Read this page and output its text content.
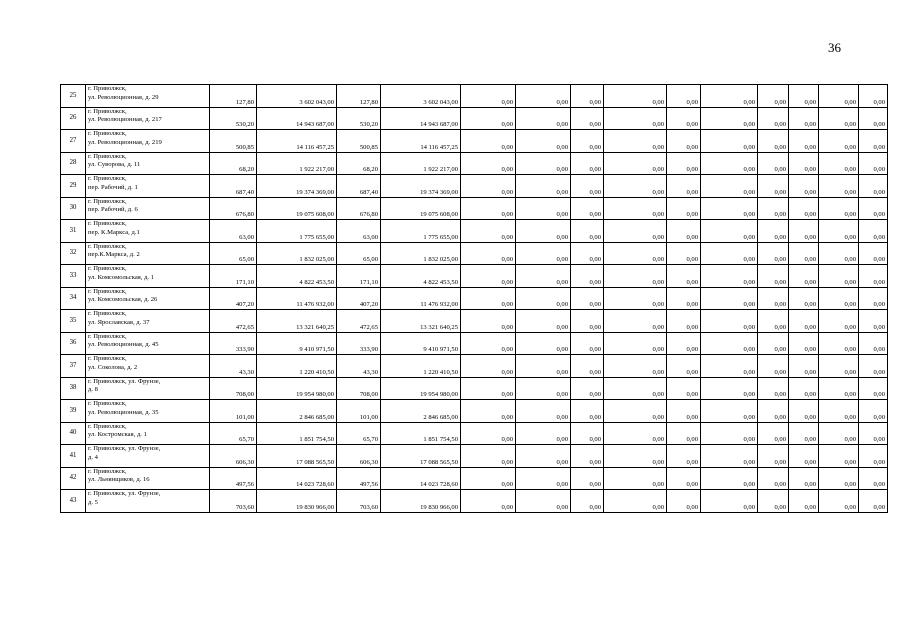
36
25	г. Приволжск,
ул. Революционная, д. 29	127,80	3 602 043,00	127,80	3 602 043,00	0,00	0,00	0,00	0,00	0,00	0,00	0,00	0,00	0,00	0,00
26	г. Приволжск,
ул. Революционная, д. 217	530,20	14 943 687,00	530,20	14 943 687,00	0,00	0,00	0,00	0,00	0,00	0,00	0,00	0,00	0,00	0,00
27	г. Приволжск,
ул. Революционная, д. 219	500,85	14 116 457,25	500,85	14 116 457,25	0,00	0,00	0,00	0,00	0,00	0,00	0,00	0,00	0,00	0,00
28	г. Приволжск,
ул. Суворова, д. 11	68,20	1 922 217,00	68,20	1 922 217,00	0,00	0,00	0,00	0,00	0,00	0,00	0,00	0,00	0,00	0,00
29	г. Приволжск,
пер. Рабочий, д. 1	687,40	19 374 369,00	687,40	19 374 369,00	0,00	0,00	0,00	0,00	0,00	0,00	0,00	0,00	0,00	0,00
30	г. Приволжск,
пер. Рабочий, д. 6	676,80	19 075 608,00	676,80	19 075 608,00	0,00	0,00	0,00	0,00	0,00	0,00	0,00	0,00	0,00	0,00
31	г. Приволжск,
пер. К.Маркса, д.1	63,00	1 775 655,00	63,00	1 775 655,00	0,00	0,00	0,00	0,00	0,00	0,00	0,00	0,00	0,00	0,00
32	г. Приволжск,
пер.К.Маркса, д. 2	65,00	1 832 025,00	65,00	1 832 025,00	0,00	0,00	0,00	0,00	0,00	0,00	0,00	0,00	0,00	0,00
33	г. Приволжск,
ул. Комсомольская, д. 1	171,10	4 822 453,50	171,10	4 822 453,50	0,00	0,00	0,00	0,00	0,00	0,00	0,00	0,00	0,00	0,00
34	г. Приволжск,
ул. Комсомольская, д. 26	407,20	11 476 932,00	407,20	11 476 932,00	0,00	0,00	0,00	0,00	0,00	0,00	0,00	0,00	0,00	0,00
35	г. Приволжск,
ул. Ярославская, д. 37	472,65	13 321 640,25	472,65	13 321 640,25	0,00	0,00	0,00	0,00	0,00	0,00	0,00	0,00	0,00	0,00
36	г. Приволжск,
ул. Революционная, д. 45	333,90	9 410 971,50	333,90	9 410 971,50	0,00	0,00	0,00	0,00	0,00	0,00	0,00	0,00	0,00	0,00
37	г. Приволжск,
ул. Соколова, д. 2	43,30	1 220 410,50	43,30	1 220 410,50	0,00	0,00	0,00	0,00	0,00	0,00	0,00	0,00	0,00	0,00
38	г. Приволжск, ул. Фрунзе,
д. 8	708,00	19 954 980,00	708,00	19 954 980,00	0,00	0,00	0,00	0,00	0,00	0,00	0,00	0,00	0,00	0,00
39	г. Приволжск,
ул. Революционная, д. 35	101,00	2 846 685,00	101,00	2 846 685,00	0,00	0,00	0,00	0,00	0,00	0,00	0,00	0,00	0,00	0,00
40	г. Приволжск,
ул. Костромская, д. 1	65,70	1 851 754,50	65,70	1 851 754,50	0,00	0,00	0,00	0,00	0,00	0,00	0,00	0,00	0,00	0,00
41	г. Приволжск, ул. Фрунзе,
д. 4	606,30	17 088 565,50	606,30	17 088 565,50	0,00	0,00	0,00	0,00	0,00	0,00	0,00	0,00	0,00	0,00
42	г. Приволжск,
ул. Льнянщиков, д. 16	497,56	14 023 728,60	497,56	14 023 728,60	0,00	0,00	0,00	0,00	0,00	0,00	0,00	0,00	0,00	0,00
43	г. Приволжск, ул. Фрунзе,
д. 5	703,60	19 830 966,00	703,60	19 830 966,00	0,00	0,00	0,00	0,00	0,00	0,00	0,00	0,00	0,00	0,00
